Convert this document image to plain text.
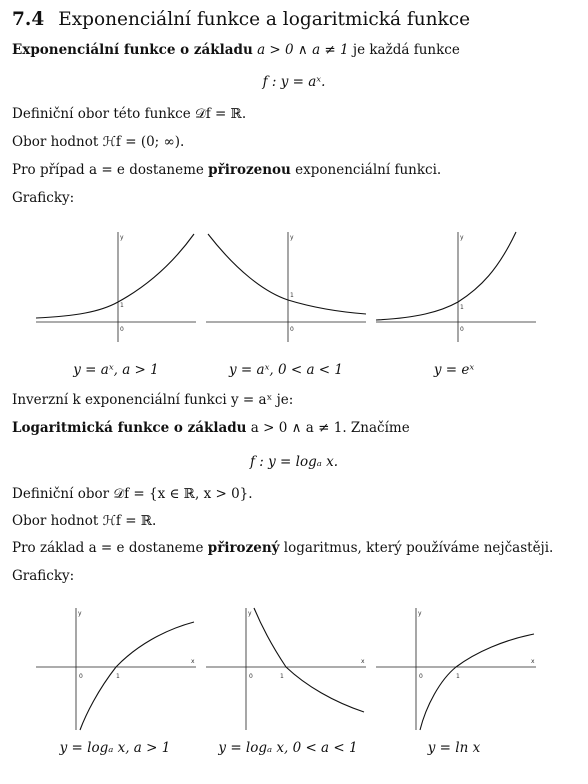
7.4 Exponenciální funkce a logaritmická funkce
Exponenciální funkce o základu a > 0 ∧ a ≠ 1 je každá funkce
f : y = aˣ.
Definiční obor této funkce 𝒟f = ℝ.
Obor hodnot ℋf = (0; ∞).
Pro případ a = e dostaneme přirozenou exponenciální funkci.
Graficky:
y
1
0
y
1
0
y
1
0
y = aˣ, a > 1	y = aˣ, 0 < a < 1	y = eˣ
Inverzní k exponenciální funkci y = aˣ je:
Logaritmická funkce o základu a > 0 ∧ a ≠ 1. Značíme
f : y = logₐ x.
Definiční obor 𝒟f = {x ∈ ℝ, x > 0}.
Obor hodnot ℋf = ℝ.
Pro základ a = e dostaneme přirozený logaritmus, který používáme nejčastěji.
Graficky:
y
x
0	1
y
x
0	1
y
x
0	1
y = logₐ x, a > 1	y = logₐ x, 0 < a < 1	y = ln x
